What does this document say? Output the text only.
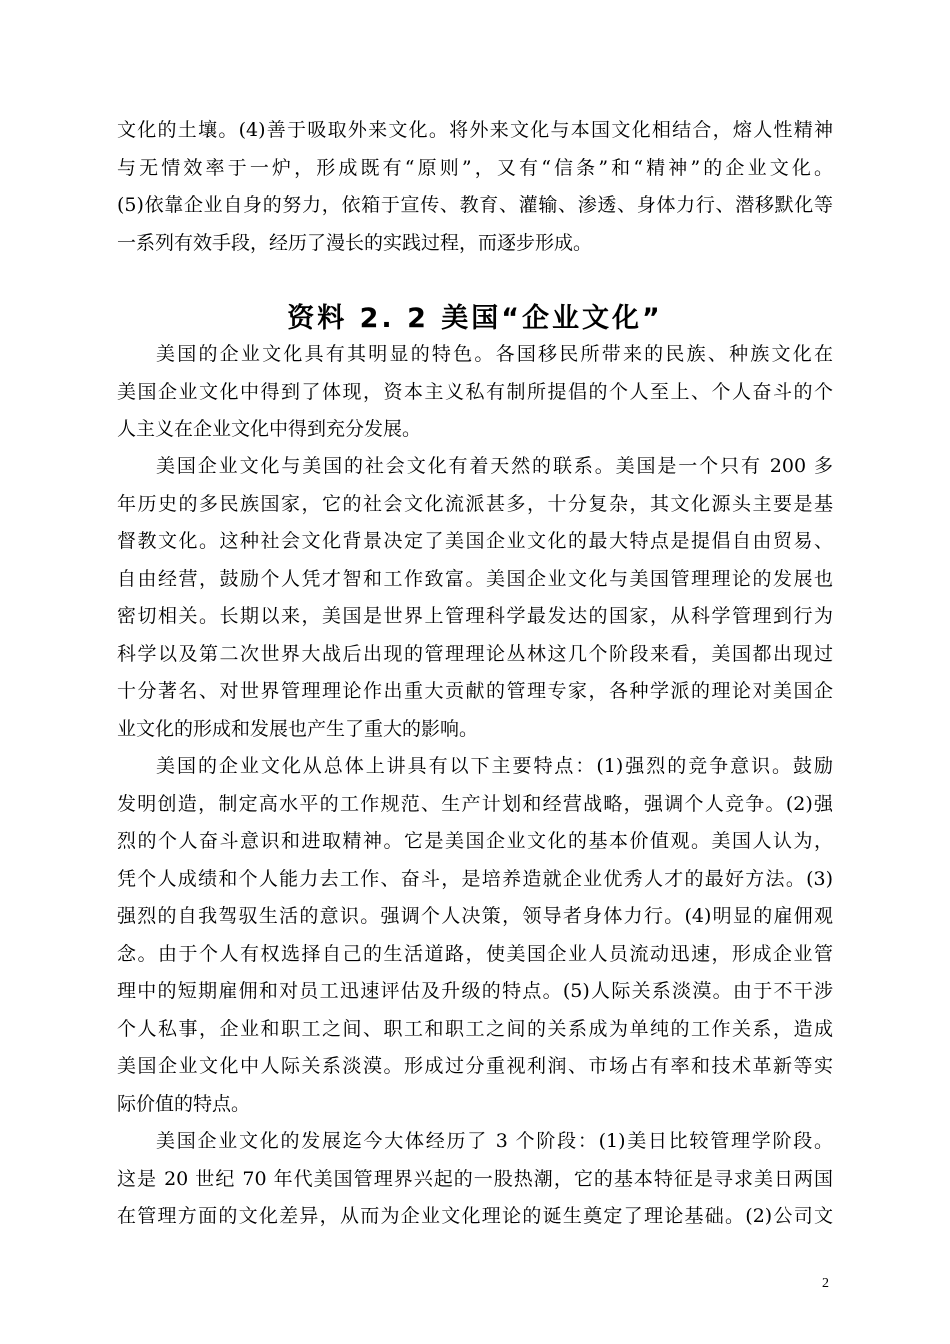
文化的土壤。(4)善于吸取外来文化。将外来文化与本国文化相结合，熔人性精神
与无情效率于一炉，形成既有“原则”，又有“信条”和“精神”的企业文化。
(5)依靠企业自身的努力，依箱于宣传、教育、灌输、渗透、身体力行、潜移默化等
一系列有效手段，经历了漫长的实践过程，而逐步形成。
美国的企业文化具有其明显的特色。各国移民所带来的民族、种族文化在
美国企业文化中得到了体现，资本主义私有制所提倡的个人至上、个人奋斗的个
人主义在企业文化中得到充分发展。
美国企业文化与美国的社会文化有着天然的联系。美国是一个只有 200 多
年历史的多民族国家，它的社会文化流派甚多，十分复杂，其文化源头主要是基
督教文化。这种社会文化背景决定了美国企业文化的最大特点是提倡自由贸易、
自由经营，鼓励个人凭才智和工作致富。美国企业文化与美国管理理论的发展也
密切相关。长期以来，美国是世界上管理科学最发达的国家，从科学管理到行为
科学以及第二次世界大战后出现的管理理论丛林这几个阶段来看，美国都出现过
十分著名、对世界管理理论作出重大贡献的管理专家，各种学派的理论对美国企
业文化的形成和发展也产生了重大的影响。
美国的企业文化从总体上讲具有以下主要特点：(1)强烈的竞争意识。鼓励
发明创造，制定高水平的工作规范、生产计划和经营战略，强调个人竞争。(2)强
烈的个人奋斗意识和进取精神。它是美国企业文化的基本价值观。美国人认为，
凭个人成绩和个人能力去工作、奋斗，是培养造就企业优秀人才的最好方法。(3)
强烈的自我驾驭生活的意识。强调个人决策，领导者身体力行。(4)明显的雇佣观
念。由于个人有权选择自己的生活道路，使美国企业人员流动迅速，形成企业管
理中的短期雇佣和对员工迅速评估及升级的特点。(5)人际关系淡漠。由于不干涉
个人私事，企业和职工之间、职工和职工之间的关系成为单纯的工作关系，造成
美国企业文化中人际关系淡漠。形成过分重视利润、市场占有率和技术革新等实
际价值的特点。
美国企业文化的发展迄今大体经历了 3 个阶段：(1)美日比较管理学阶段。
这是 20 世纪 70 年代美国管理界兴起的一股热潮，它的基本特征是寻求美日两国
在管理方面的文化差异，从而为企业文化理论的诞生奠定了理论基础。(2)公司文
资料 2. 2 美国“企业文化”
2
